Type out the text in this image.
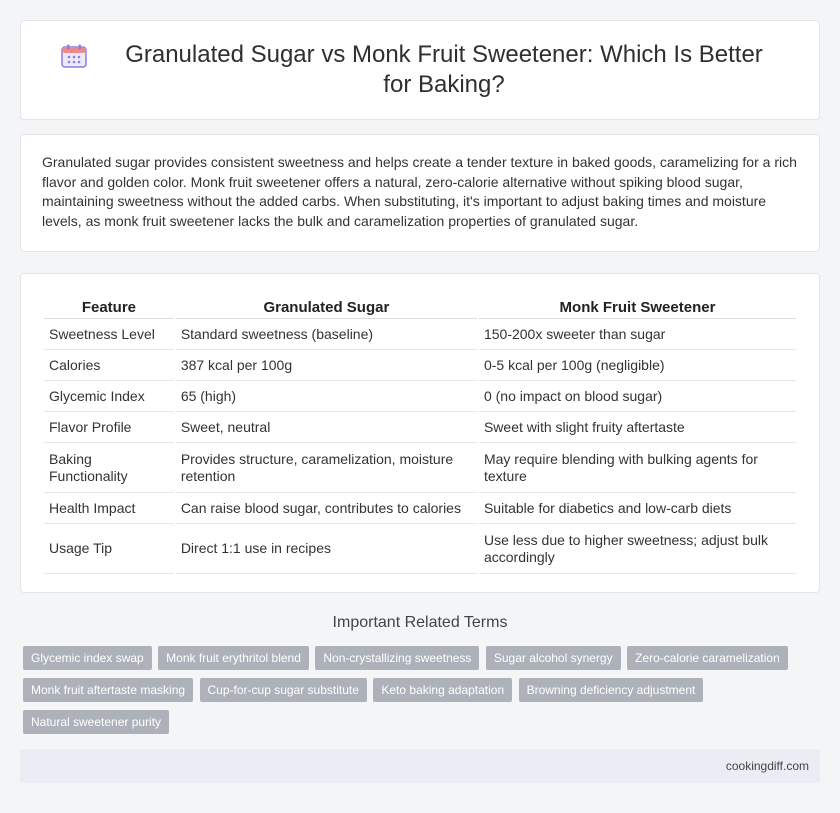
Granulated Sugar vs Monk Fruit Sweetener: Which Is Better for Baking?

Granulated sugar provides consistent sweetness and helps create a tender texture in baked goods, caramelizing for a rich flavor and golden color. Monk fruit sweetener offers a natural, zero-calorie alternative without spiking blood sugar, maintaining sweetness without the added carbs. When substituting, it's important to adjust baking times and moisture levels, as monk fruit sweetener lacks the bulk and caramelization properties of granulated sugar.

Feature	Granulated Sugar	Monk Fruit Sweetener
Sweetness Level	Standard sweetness (baseline)	150-200x sweeter than sugar
Calories	387 kcal per 100g	0-5 kcal per 100g (negligible)
Glycemic Index	65 (high)	0 (no impact on blood sugar)
Flavor Profile	Sweet, neutral	Sweet with slight fruity aftertaste
Baking Functionality	Provides structure, caramelization, moisture retention	May require blending with bulking agents for texture
Health Impact	Can raise blood sugar, contributes to calories	Suitable for diabetics and low-carb diets
Usage Tip	Direct 1:1 use in recipes	Use less due to higher sweetness; adjust bulk accordingly
Important Related Terms
Glycemic index swap Monk fruit erythritol blend Non-crystallizing sweetness Sugar alcohol synergy Zero-calorie caramelization Monk fruit aftertaste masking Cup-for-cup sugar substitute Keto baking adaptation Browning deficiency adjustment Natural sweetener purity
cookingdiff.com
